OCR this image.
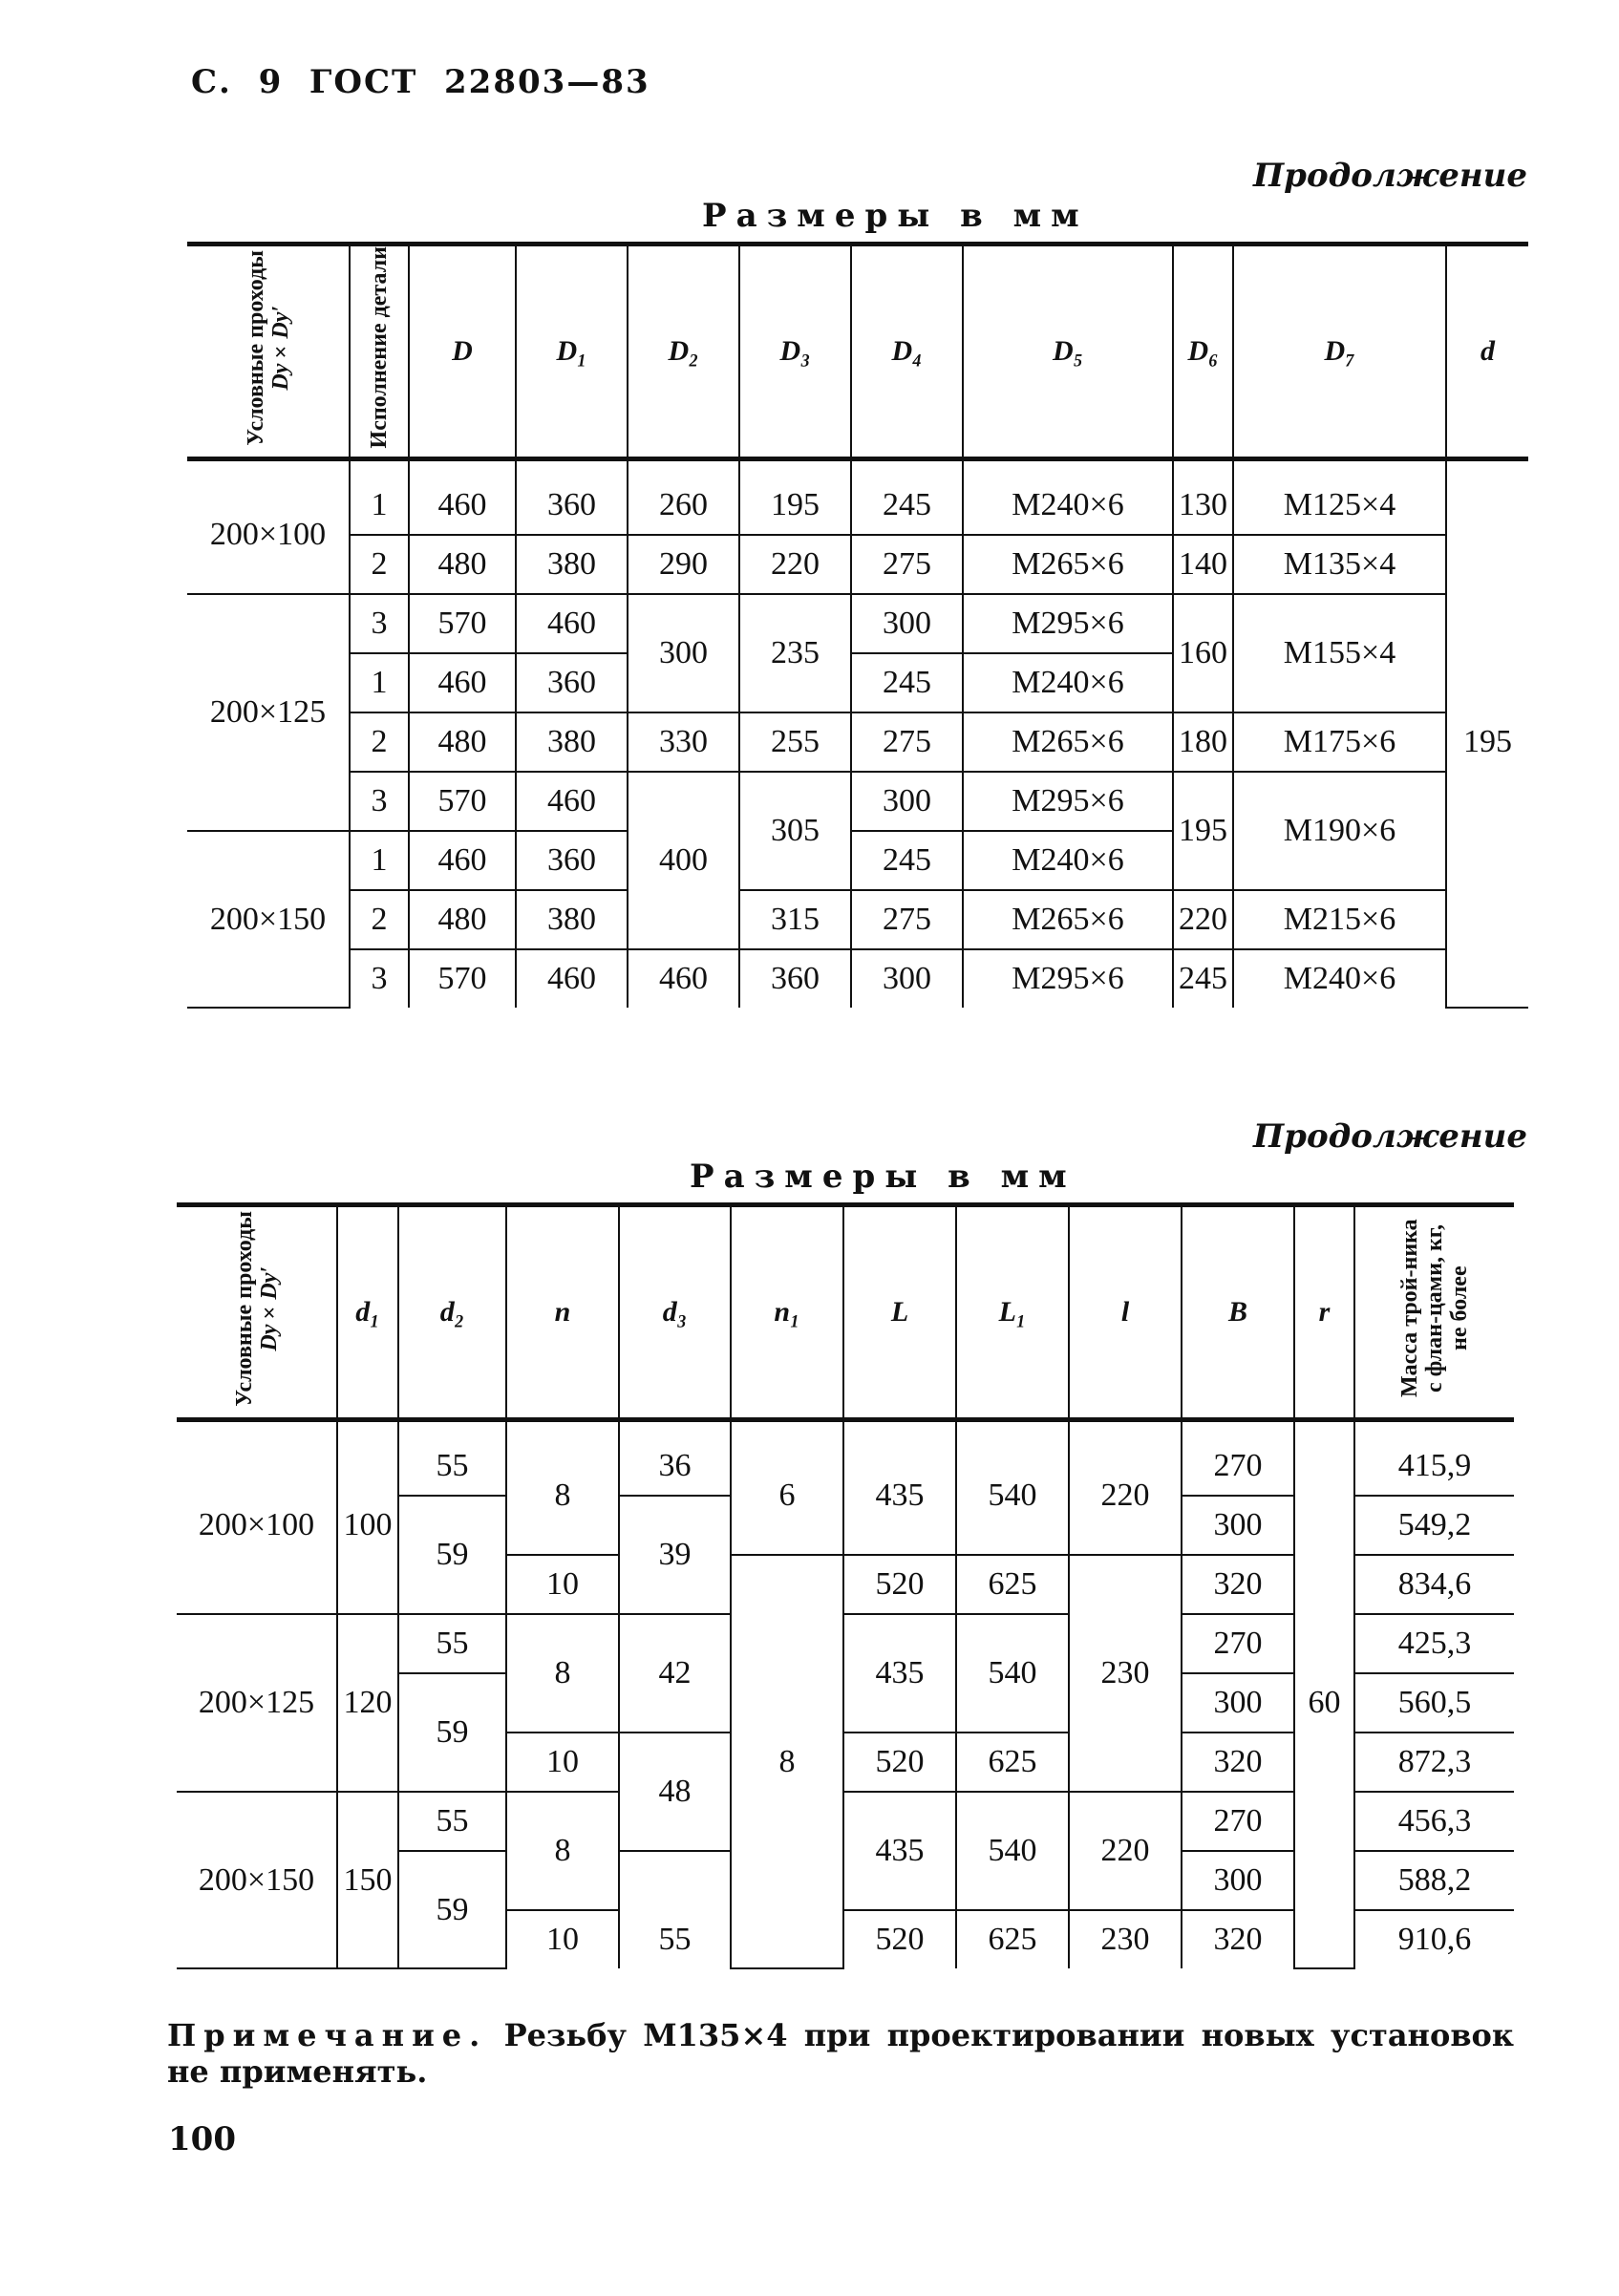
С.  9  ГОСТ  22803—83
Продолжение
Размеры в мм
Условные проходы
Dу×Dу′	Исполнение детали	D	D₁	D₂	D₃	D₄	D₅	D₆	D₇	d
200×100	1	460	360	260	195	245	M240×6	130	M125×4	195
	2	480	380	290	220	275	M265×6	140	M135×4	
200×125	3	570	460	300	235	300	M295×6	160	M155×4	
	1	460	360			245	M240×6			
	2	480	380	330	255	275	M265×6	180	M175×6	
	3	570	460	400	305	300	M295×6	195	M190×6	
200×150	1	460	360			245	M240×6			
	2	480	380		315	275	M265×6	220	M215×6	
	3	570	460	460	360	300	M295×6	245	M240×6	
Продолжение
Размеры в мм
Условные проходы
Dу×Dу′	d₁	d₂	n	d₃	n₁	L	L₁	l	B	r	Масса трой-ника с флан-цами, кг, не более
200×100	100	55	8	36	6	435	540	220	270	60	415,9
		59		39					300		549,2
			10		8	520	625	230	320		834,6
200×125	120	55	8	42		435	540		270		425,3
		59							300		560,5
			10	48		520	625		320		872,3
200×150	150	55	8			435	540	220	270		456,3
		59							300		588,2
			10	55		520	625	230	320		910,6
Примечание. Резьбу M135×4 при проектировании новых установок не применять.
100
